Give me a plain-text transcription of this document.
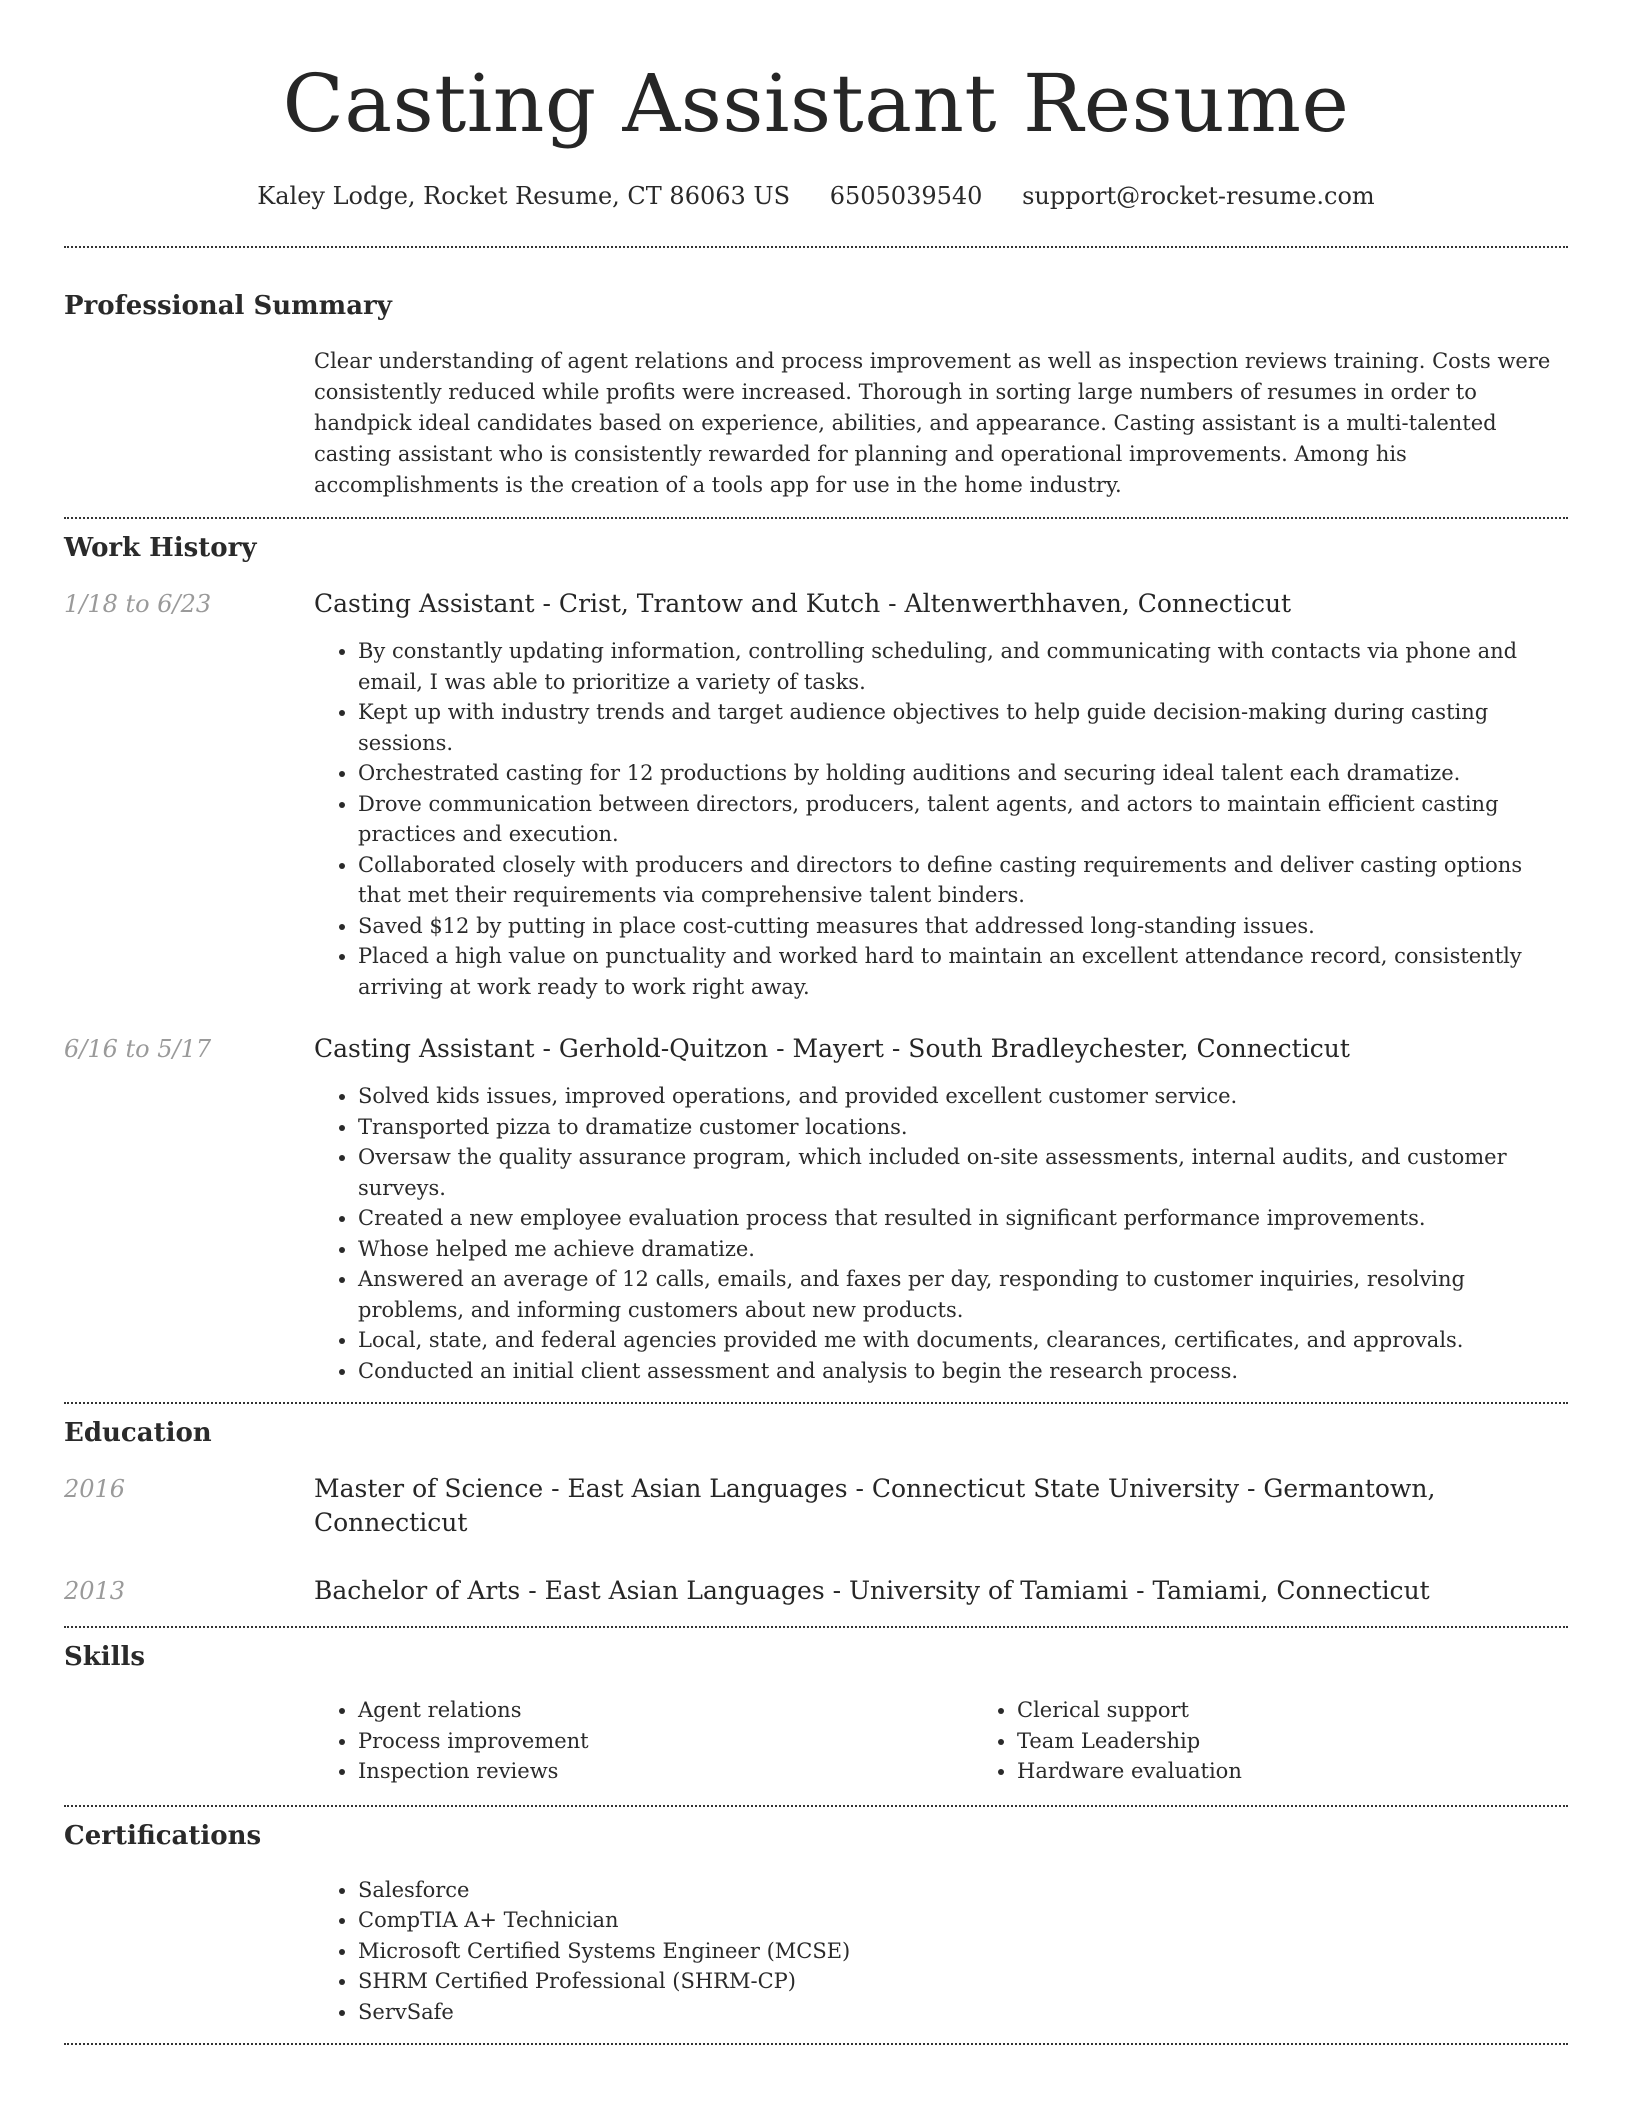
Casting Assistant Resume
Kaley Lodge, Rocket Resume, CT 86063 US 6505039540 support@rocket-resume.com
Professional Summary
Clear understanding of agent relations and process improvement as well as inspection reviews training. Costs were consistently reduced while profits were increased. Thorough in sorting large numbers of resumes in order to handpick ideal candidates based on experience, abilities, and appearance. Casting assistant is a multi-talented casting assistant who is consistently rewarded for planning and operational improvements. Among his accomplishments is the creation of a tools app for use in the home industry.
Work History
1/18 to 6/23	Casting Assistant - Crist, Trantow and Kutch - Altenwerthhaven, Connecticut
• By constantly updating information, controlling scheduling, and communicating with contacts via phone and email, I was able to prioritize a variety of tasks.
• Kept up with industry trends and target audience objectives to help guide decision-making during casting sessions.
• Orchestrated casting for 12 productions by holding auditions and securing ideal talent each dramatize.
• Drove communication between directors, producers, talent agents, and actors to maintain efficient casting practices and execution.
• Collaborated closely with producers and directors to define casting requirements and deliver casting options that met their requirements via comprehensive talent binders.
• Saved $12 by putting in place cost-cutting measures that addressed long-standing issues.
• Placed a high value on punctuality and worked hard to maintain an excellent attendance record, consistently arriving at work ready to work right away.
6/16 to 5/17	Casting Assistant - Gerhold-Quitzon - Mayert - South Bradleychester, Connecticut
• Solved kids issues, improved operations, and provided excellent customer service.
• Transported pizza to dramatize customer locations.
• Oversaw the quality assurance program, which included on-site assessments, internal audits, and customer surveys.
• Created a new employee evaluation process that resulted in significant performance improvements.
• Whose helped me achieve dramatize.
• Answered an average of 12 calls, emails, and faxes per day, responding to customer inquiries, resolving problems, and informing customers about new products.
• Local, state, and federal agencies provided me with documents, clearances, certificates, and approvals.
• Conducted an initial client assessment and analysis to begin the research process.
Education
2016	Master of Science - East Asian Languages - Connecticut State University - Germantown, Connecticut
2013	Bachelor of Arts - East Asian Languages - University of Tamiami - Tamiami, Connecticut
Skills
• Agent relations
• Process improvement
• Inspection reviews
• Clerical support
• Team Leadership
• Hardware evaluation
Certifications
• Salesforce
• CompTIA A+ Technician
• Microsoft Certified Systems Engineer (MCSE)
• SHRM Certified Professional (SHRM-CP)
• ServSafe
